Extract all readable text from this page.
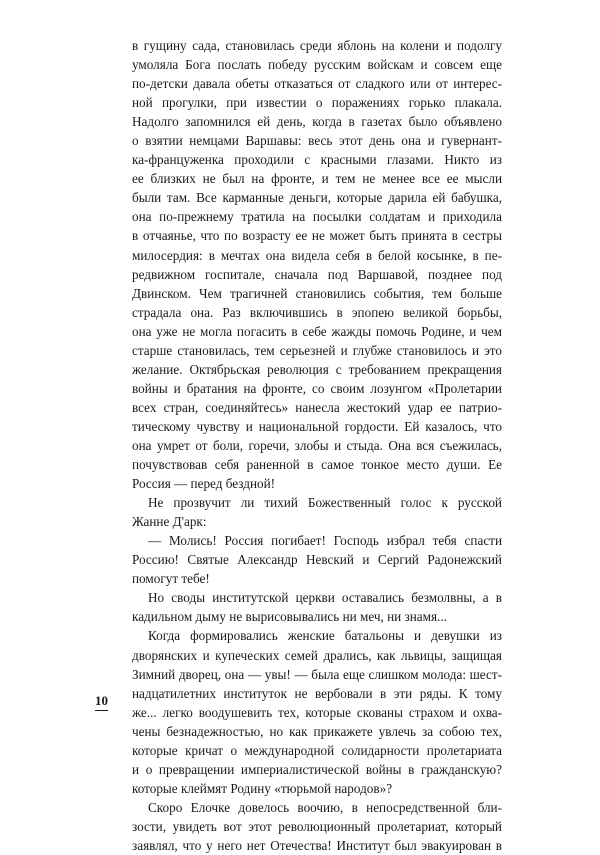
в гущину сада, становилась среди яблонь на колени и подолгу
умоляла Бога послать победу русским войскам и совсем еще
по-детски давала обеты отказаться от сладкого или от интерес-
ной прогулки, при известии о поражениях горько плакала.
Надолго запомнился ей день, когда в газетах было объявлено
о взятии немцами Варшавы: весь этот день она и гувернант-
ка-француженка проходили с красными глазами. Никто из
ее близких не был на фронте, и тем не менее все ее мысли
были там. Все карманные деньги, которые дарила ей бабушка,
она по-прежнему тратила на посылки солдатам и приходила
в отчаянье, что по возрасту ее не может быть принята в сестры
милосердия: в мечтах она видела себя в белой косынке, в пе-
редвижном госпитале, сначала под Варшавой, позднее под
Двинском. Чем трагичней становились события, тем больше
страдала она. Раз включившись в эпопею великой борьбы,
она уже не могла погасить в себе жажды помочь Родине, и чем
старше становилась, тем серьезней и глубже становилось и это
желание. Октябрьская революция с требованием прекращения
войны и братания на фронте, со своим лозунгом «Пролетарии
всех стран, соединяйтесь» нанесла жестокий удар ее патрио-
тическому чувству и национальной гордости. Ей казалось, что
она умрет от боли, горечи, злобы и стыда. Она вся съежилась,
почувствовав себя раненной в самое тонкое место души. Ее
Россия — перед бездной!
Не прозвучит ли тихий Божественный голос к русской
Жанне Д'арк:
— Молись! Россия погибает! Господь избрал тебя спасти
Россию! Святые Александр Невский и Сергий Радонежский
помогут тебе!
Но своды институтской церкви оставались безмолвны, а в
кадильном дыму не вырисовывались ни меч, ни знамя...
Когда формировались женские батальоны и девушки из
дворянских и купеческих семей дрались, как львицы, защищая
Зимний дворец, она — увы! — была еще слишком молода: шест-
надцатилетних институток не вербовали в эти ряды. К тому
же... легко воодушевить тех, которые скованы страхом и охва-
чены безнадежностью, но как прикажете увлечь за собою тех,
которые кричат о международной солидарности пролетариата
и о превращении империалистической войны в гражданскую?
которые клеймят Родину «тюрьмой народов»?
Скоро Елочке довелось воочию, в непосредственной бли-
зости, увидеть вот этот революционный пролетариат, который
заявлял, что у него нет Отечества! Институт был эвакуирован в
10
